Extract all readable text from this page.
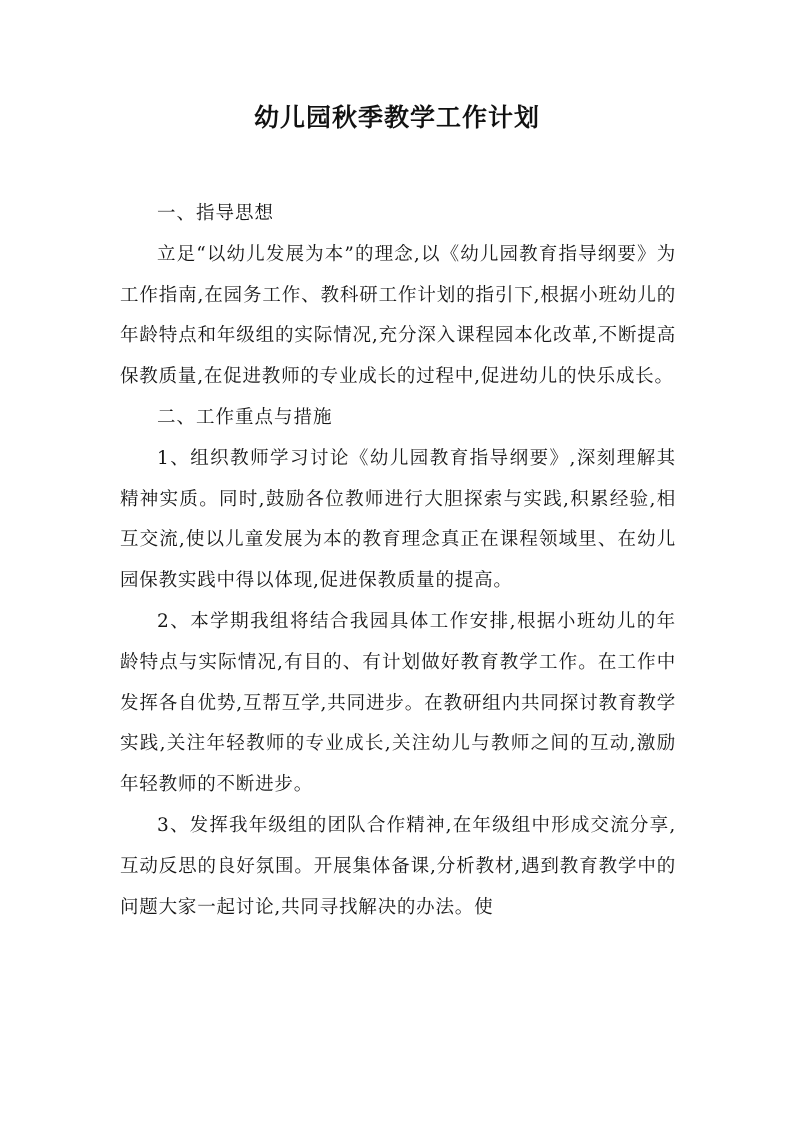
幼儿园秋季教学工作计划

一、指导思想

立足“以幼儿发展为本”的理念,以《幼儿园教育指导纲要》为工作指南,在园务工作、教科研工作计划的指引下,根据小班幼儿的年龄特点和年级组的实际情况,充分深入课程园本化改革,不断提高保教质量,在促进教师的专业成长的过程中,促进幼儿的快乐成长。

二、工作重点与措施

1、组织教师学习讨论《幼儿园教育指导纲要》,深刻理解其精神实质。同时,鼓励各位教师进行大胆探索与实践,积累经验,相互交流,使以儿童发展为本的教育理念真正在课程领域里、在幼儿园保教实践中得以体现,促进保教质量的提高。

2、本学期我组将结合我园具体工作安排,根据小班幼儿的年龄特点与实际情况,有目的、有计划做好教育教学工作。在工作中发挥各自优势,互帮互学,共同进步。在教研组内共同探讨教育教学实践,关注年轻教师的专业成长,关注幼儿与教师之间的互动,激励年轻教师的不断进步。

3、发挥我年级组的团队合作精神,在年级组中形成交流分享,互动反思的良好氛围。开展集体备课,分析教材,遇到教育教学中的问题大家一起讨论,共同寻找解决的办法。使
